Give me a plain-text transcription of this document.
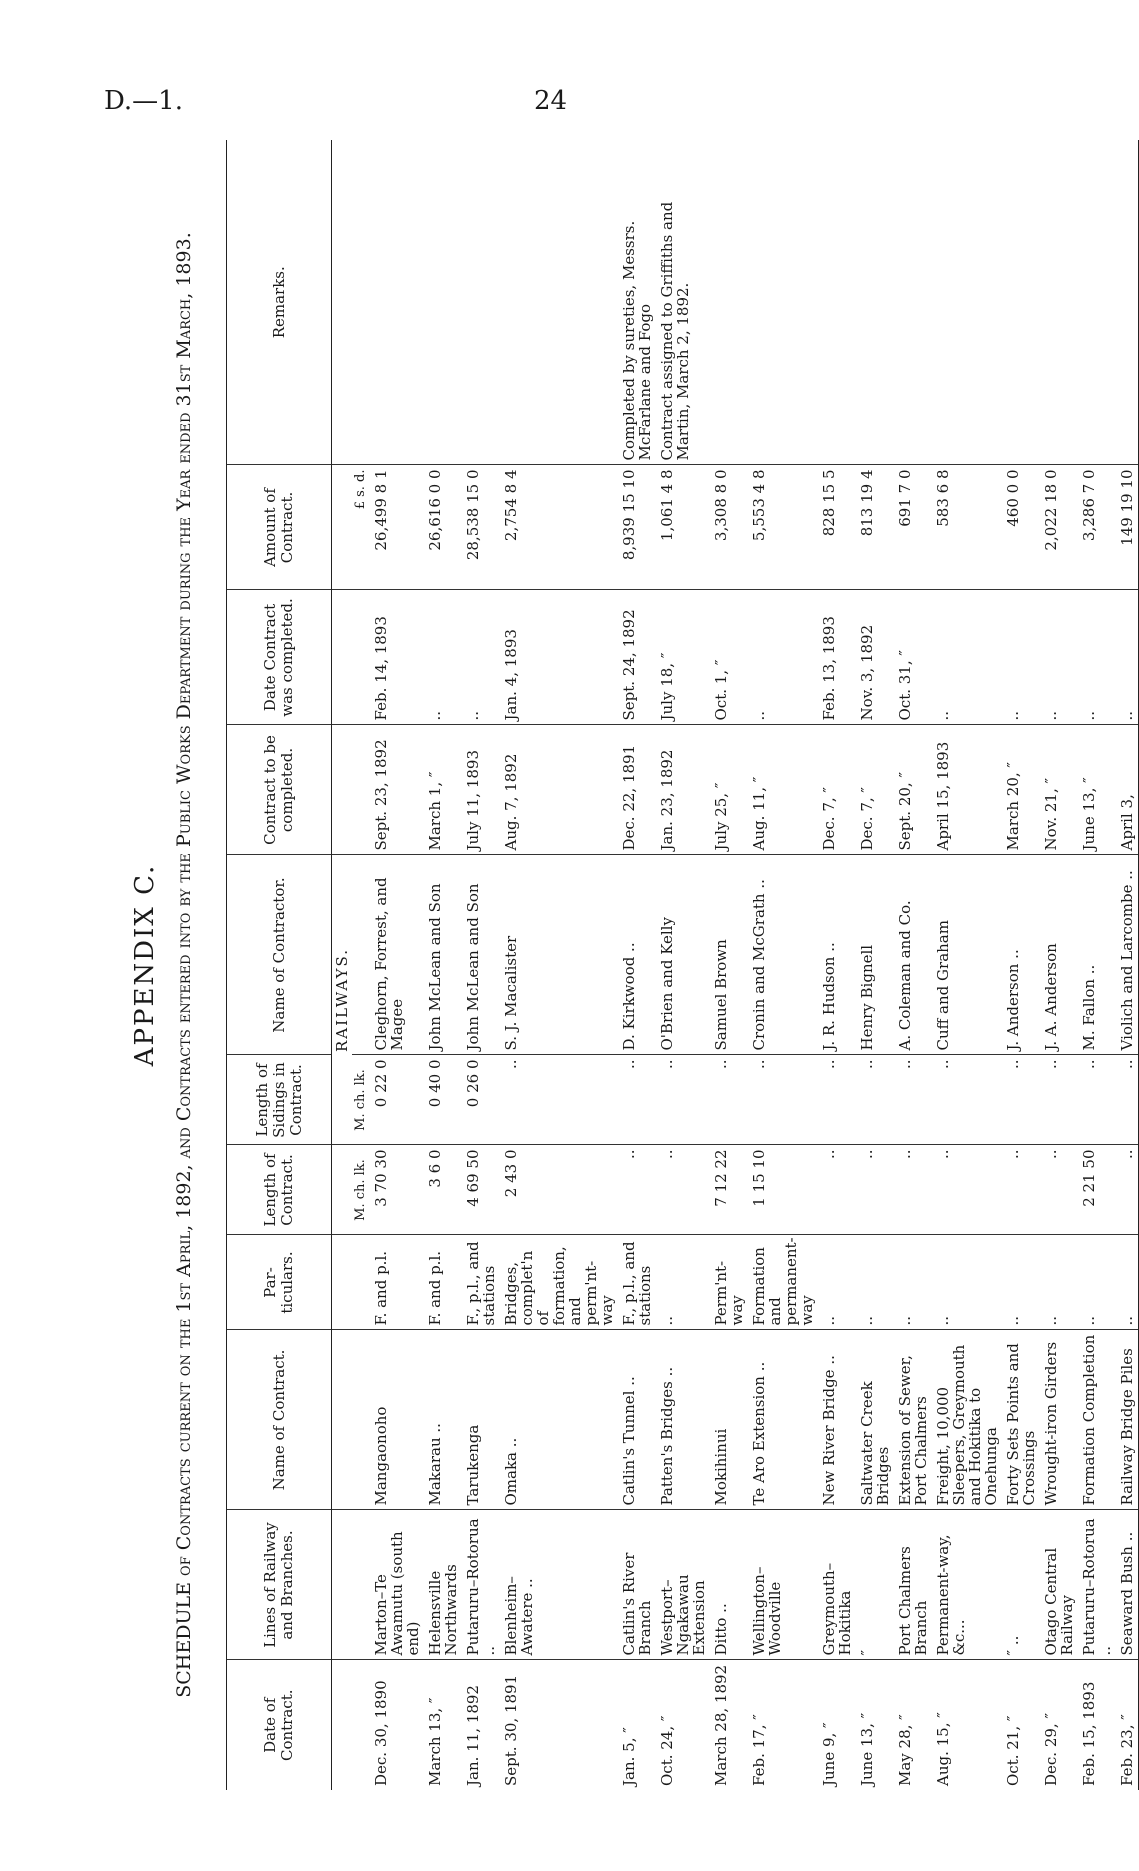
D.—1.	24
APPENDIX C.
SCHEDULE of Contracts current on the 1st April, 1892, and Contracts entered into by the Public Works Department during the Year ended 31st March, 1893.
Date of Contract.	Lines of Railway and Branches.	Name of Contract.	Par-ticulars.	Length of Contract.	Length of Sidings in Contract.	Name of Contractor.	Contract to be completed.	Date Contract was completed.	Amount of Contract.	Remarks.
					RAILWAYS.					
				M. ch. lk.	M. ch. lk.				£ s. d.	
Dec. 30, 1890	Marton–Te Awamutu (south end)	Mangaonoho	F. and p.l.	3 70 30	0 22 0	Cleghorn, Forrest, and Magee	Sept. 23, 1892	Feb. 14, 1893	26,499 8 1	
March 13, ″	Helensville Northwards	Makarau ..	F. and p.l.	3 6 0	0 40 0	John McLean and Son	March 1, ″	..	26,616 0 0	
Jan. 11, 1892	Putaruru–Rotorua ..	Tarukenga	F., p.l., and stations	4 69 50	0 26 0	John McLean and Son	July 11, 1893	..	28,538 15 0	
Sept. 30, 1891	Blenheim–Awatere ..	Omaka ..	Bridges, complet'n of formation, and perm'nt-way	2 43 0	..	S. J. Macalister	Aug. 7, 1892	Jan. 4, 1893	2,754 8 4	
Jan. 5, ″	Catlin's River Branch	Catlin's Tunnel ..	F., p.l., and stations	..	..	D. Kirkwood ..	Dec. 22, 1891	Sept. 24, 1892	8,939 15 10	Completed by sureties, Messrs. McFarlane and Fogo
Oct. 24, ″	Westport–Ngakawau Extension	Patten's Bridges ..	..	..	..	O'Brien and Kelly	Jan. 23, 1892	July 18, ″	1,061 4 8	Contract assigned to Griffiths and Martin, March 2, 1892.
March 28, 1892	Ditto ..	Mokihinui	Perm'nt-way	7 12 22	..	Samuel Brown	July 25, ″	Oct. 1, ″	3,308 8 0	
Feb. 17, ″	Wellington–Woodville	Te Aro Extension ..	Formation and permanent-way	1 15 10	..	Cronin and McGrath ..	Aug. 11, ″	..	5,553 4 8	
June 9, ″	Greymouth–Hokitika	New River Bridge ..	..	..	..	J. R. Hudson ..	Dec. 7, ″	Feb. 13, 1893	828 15 5	
June 13, ″	″	Saltwater Creek Bridges	..	..	..	Henry Bignell	Dec. 7, ″	Nov. 3, 1892	813 19 4	
May 28, ″	Port Chalmers Branch	Extension of Sewer, Port Chalmers	..	..	..	A. Coleman and Co.	Sept. 20, ″	Oct. 31, ″	691 7 0	
Aug. 15, ″	Permanent-way, &c...	Freight, 10,000 Sleepers, Greymouth and Hokitika to Onehunga	..	..	..	Cuff and Graham	April 15, 1893	..	583 6 8	
Oct. 21, ″	″ ..	Forty Sets Points and Crossings	..	..	..	J. Anderson ..	March 20, ″	..	460 0 0	
Dec. 29, ″	Otago Central Railway	Wrought-iron Girders	..	..	..	J. A. Anderson	Nov. 21, ″	..	2,022 18 0	
Feb. 15, 1893	Putaruru–Rotorua ..	Formation Completion	..	2 21 50	..	M. Fallon ..	June 13, ″	..	3,286 7 0	
Feb. 23, ″	Seaward Bush ..	Railway Bridge Piles	..	..	..	Violich and Larcombe ..	April 3,	..	149 19 10	
